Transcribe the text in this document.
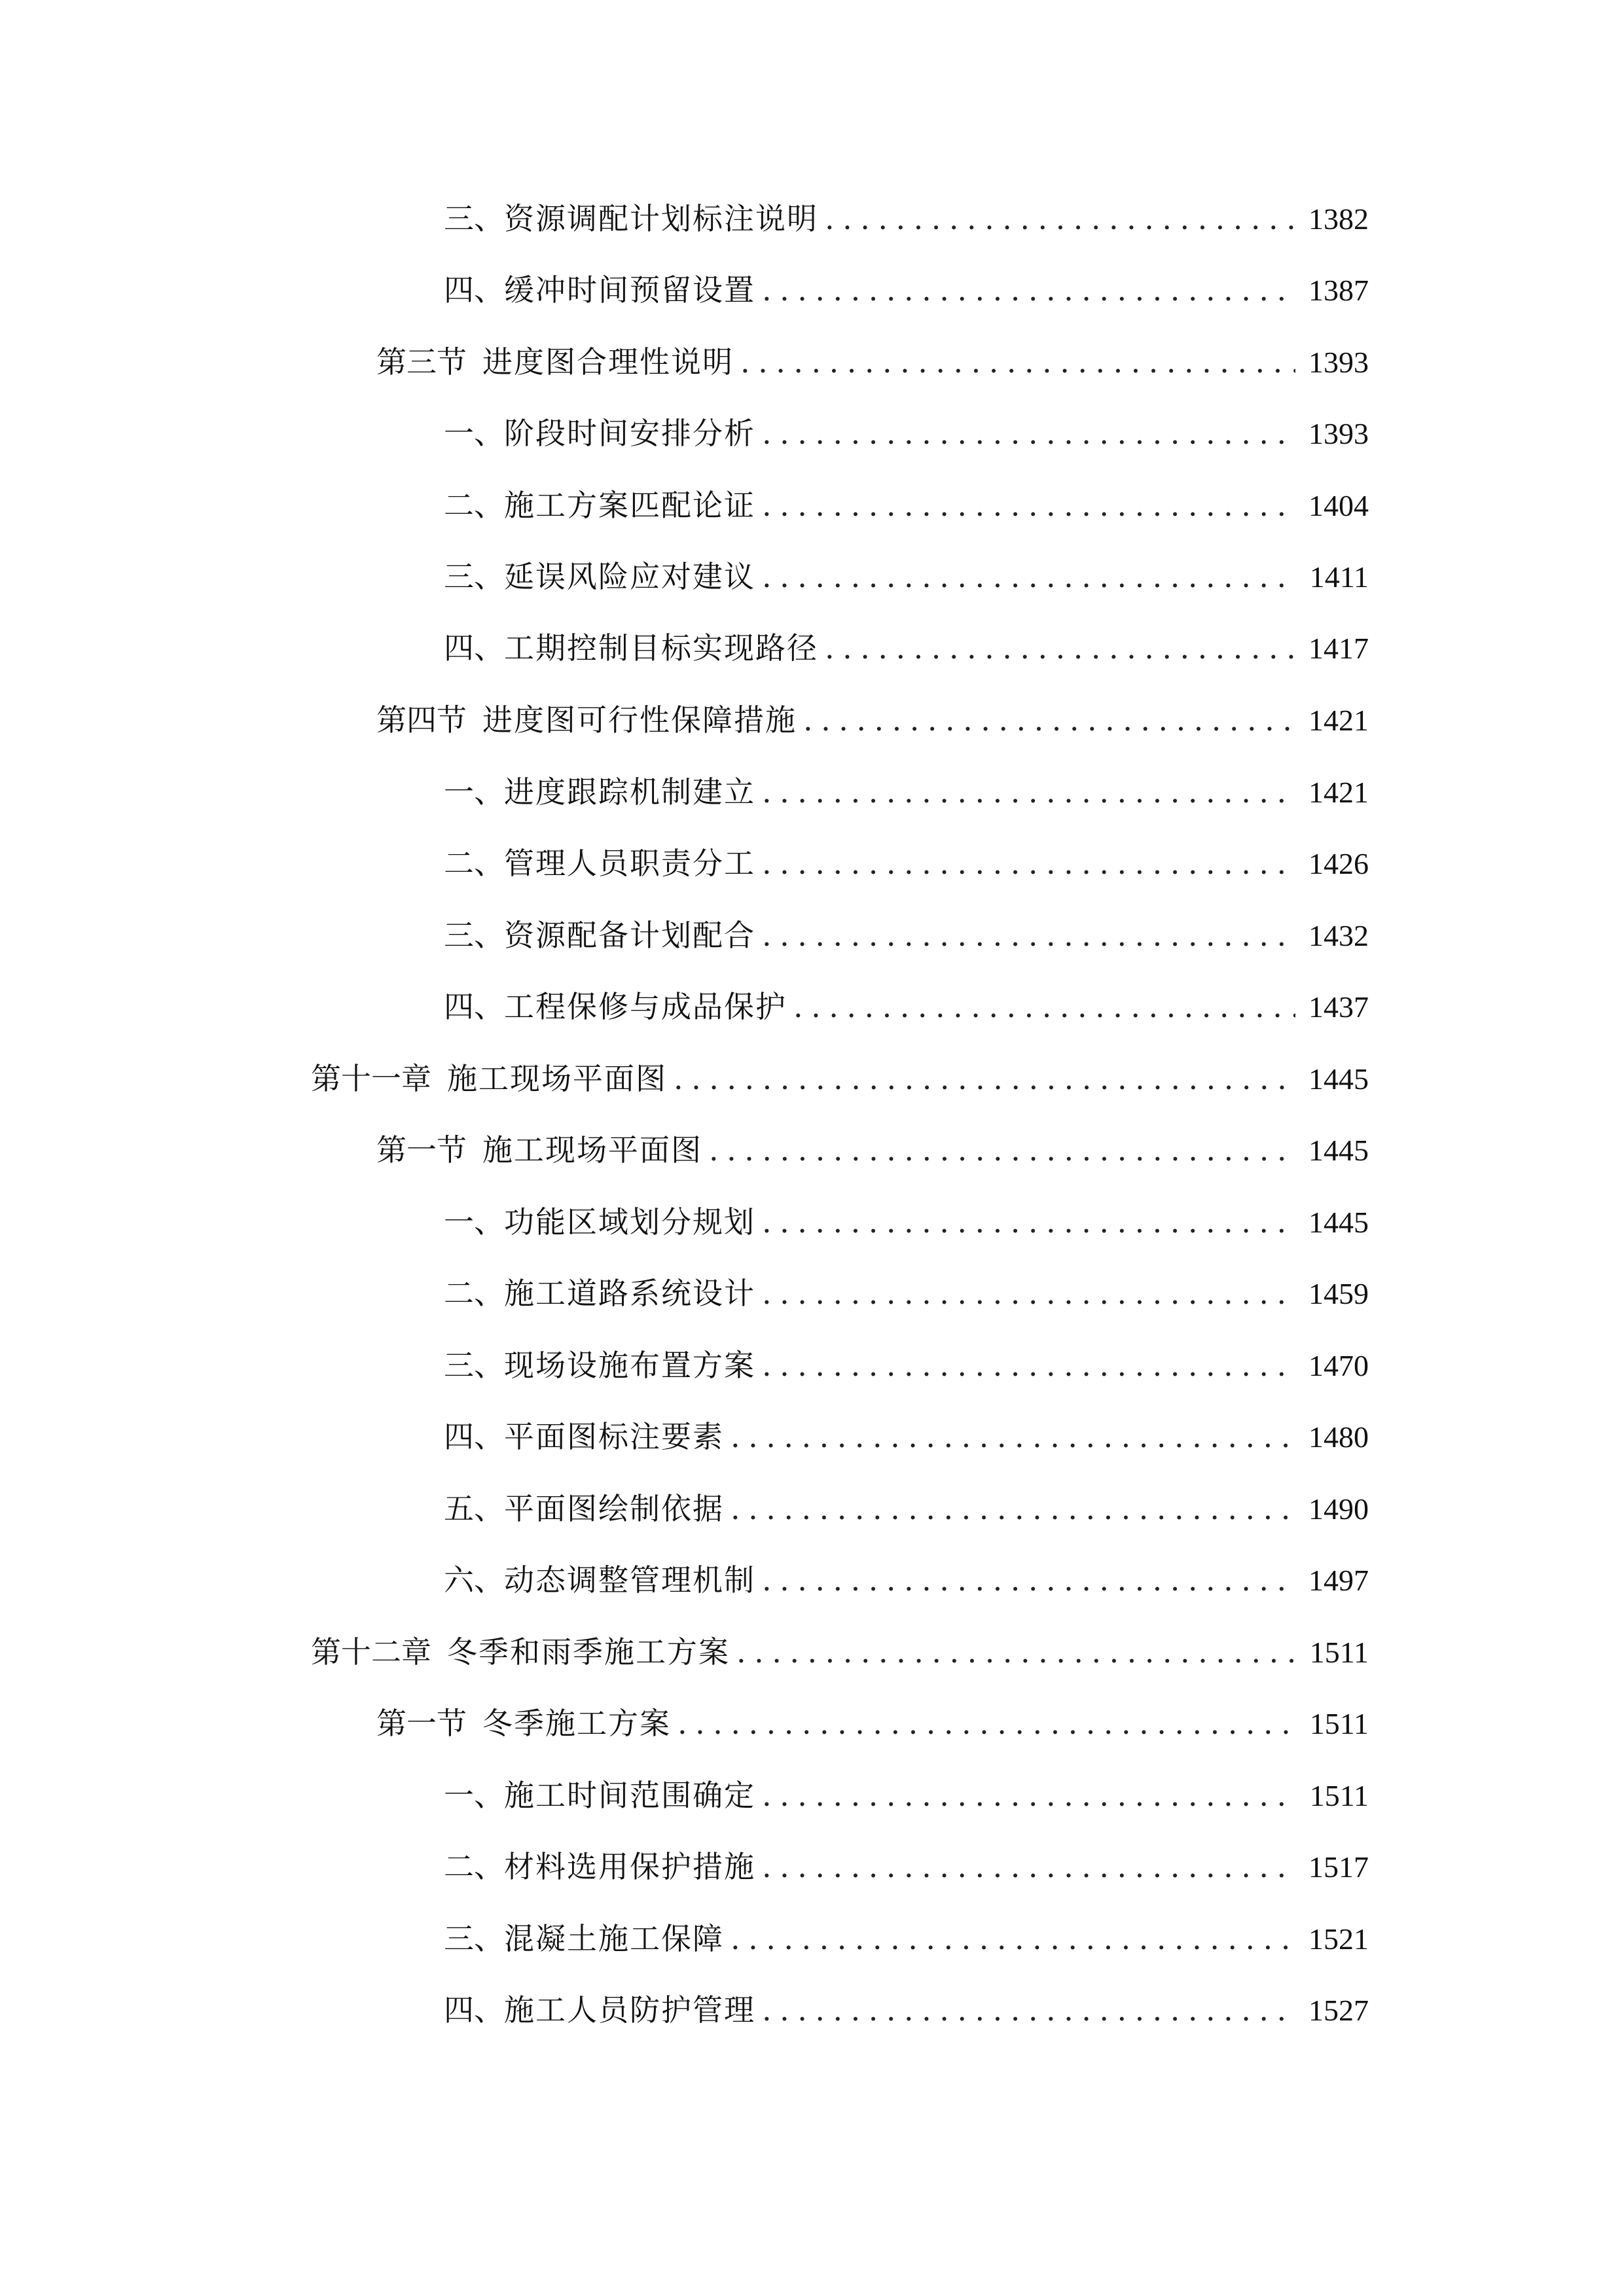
三、 资源调配计划标注说明 .....	1382
四、 缓冲时间预留设置 .....	1387
第三节 进度图合理性说明 .....	1393
一、 阶段时间安排分析 .....	1393
二、 施工方案匹配论证 .....	1404
三、 延误风险应对建议 .....	1411
四、 工期控制目标实现路径 .....	1417
第四节 进度图可行性保障措施 .....	1421
一、 进度跟踪机制建立 .....	1421
二、 管理人员职责分工 .....	1426
三、 资源配备计划配合 .....	1432
四、 工程保修与成品保护 .....	1437
第十一章 施工现场平面图 .....	1445
第一节 施工现场平面图 .....	1445
一、 功能区域划分规划 .....	1445
二、 施工道路系统设计 .....	1459
三、 现场设施布置方案 .....	1470
四、 平面图标注要素 .....	1480
五、 平面图绘制依据 .....	1490
六、 动态调整管理机制 .....	1497
第十二章 冬季和雨季施工方案 .....	1511
第一节 冬季施工方案 .....	1511
一、 施工时间范围确定 .....	1511
二、 材料选用保护措施 .....	1517
三、 混凝土施工保障 .....	1521
四、 施工人员防护管理 .....	1527
